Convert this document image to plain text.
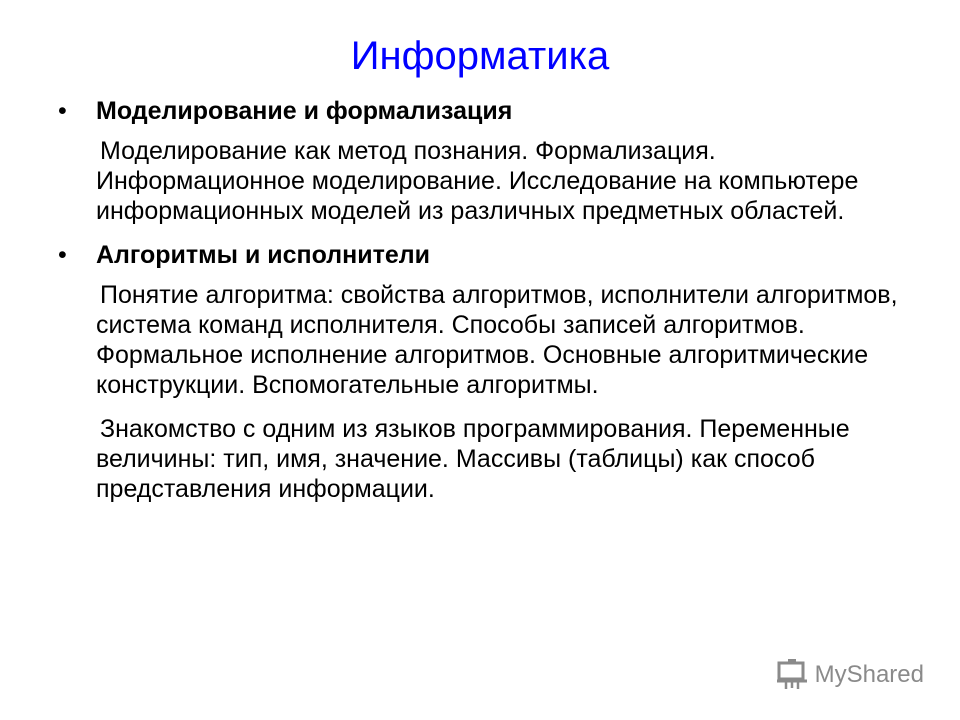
Информатика
• Моделирование и формализация
Моделирование как метод познания. Формализация. Информационное моделирование. Исследование на компьютере информационных моделей из различных предметных областей.
• Алгоритмы и исполнители
Понятие алгоритма: свойства алгоритмов, исполнители алгоритмов, система команд исполнителя. Способы записей алгоритмов. Формальное исполнение алгоритмов. Основные алгоритмические конструкции. Вспомогательные алгоритмы.
Знакомство с одним из языков программирования. Переменные величины: тип, имя, значение. Массивы (таблицы) как способ представления информации.
MyShared
